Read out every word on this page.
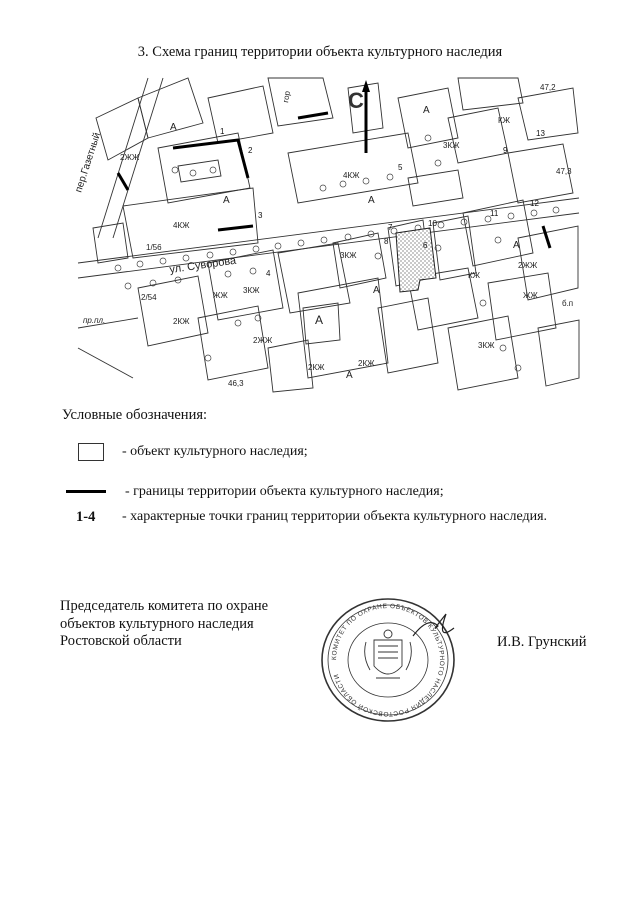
3. Схема границ территории объекта культурного наследия
С
пер.Газетный
ул. Суворова
1/56
2/54
4КЖ
4КЖ
3КЖ
3КЖ
3КЖ
2КЖ
2ЖЖ
2КЖ	2КЖ
2ЖЖ
ЖЖ	ЖЖ
2ЖЖ
КЖ
3КЖ
КЖ
А
А	А
А
А
А
А
А
гор
пр.пл.
46,3
47,2
47,3
б.п
1
2
3
4
5
6
7
8
9
10
11
12
13
Условные обозначения:
- объект культурного наследия;
- границы территории объекта культурного наследия;
1-4 - характерные точки границ территории объекта культурного наследия.
Председатель комитета по охране
объектов культурного наследия
Ростовской области
КОМИТЕТ ПО ОХРАНЕ ОБЪЕКТОВ КУЛЬТУРНОГО НАСЛЕДИЯ РОСТОВСКОЙ ОБЛАСТИ
И.В. Грунский
